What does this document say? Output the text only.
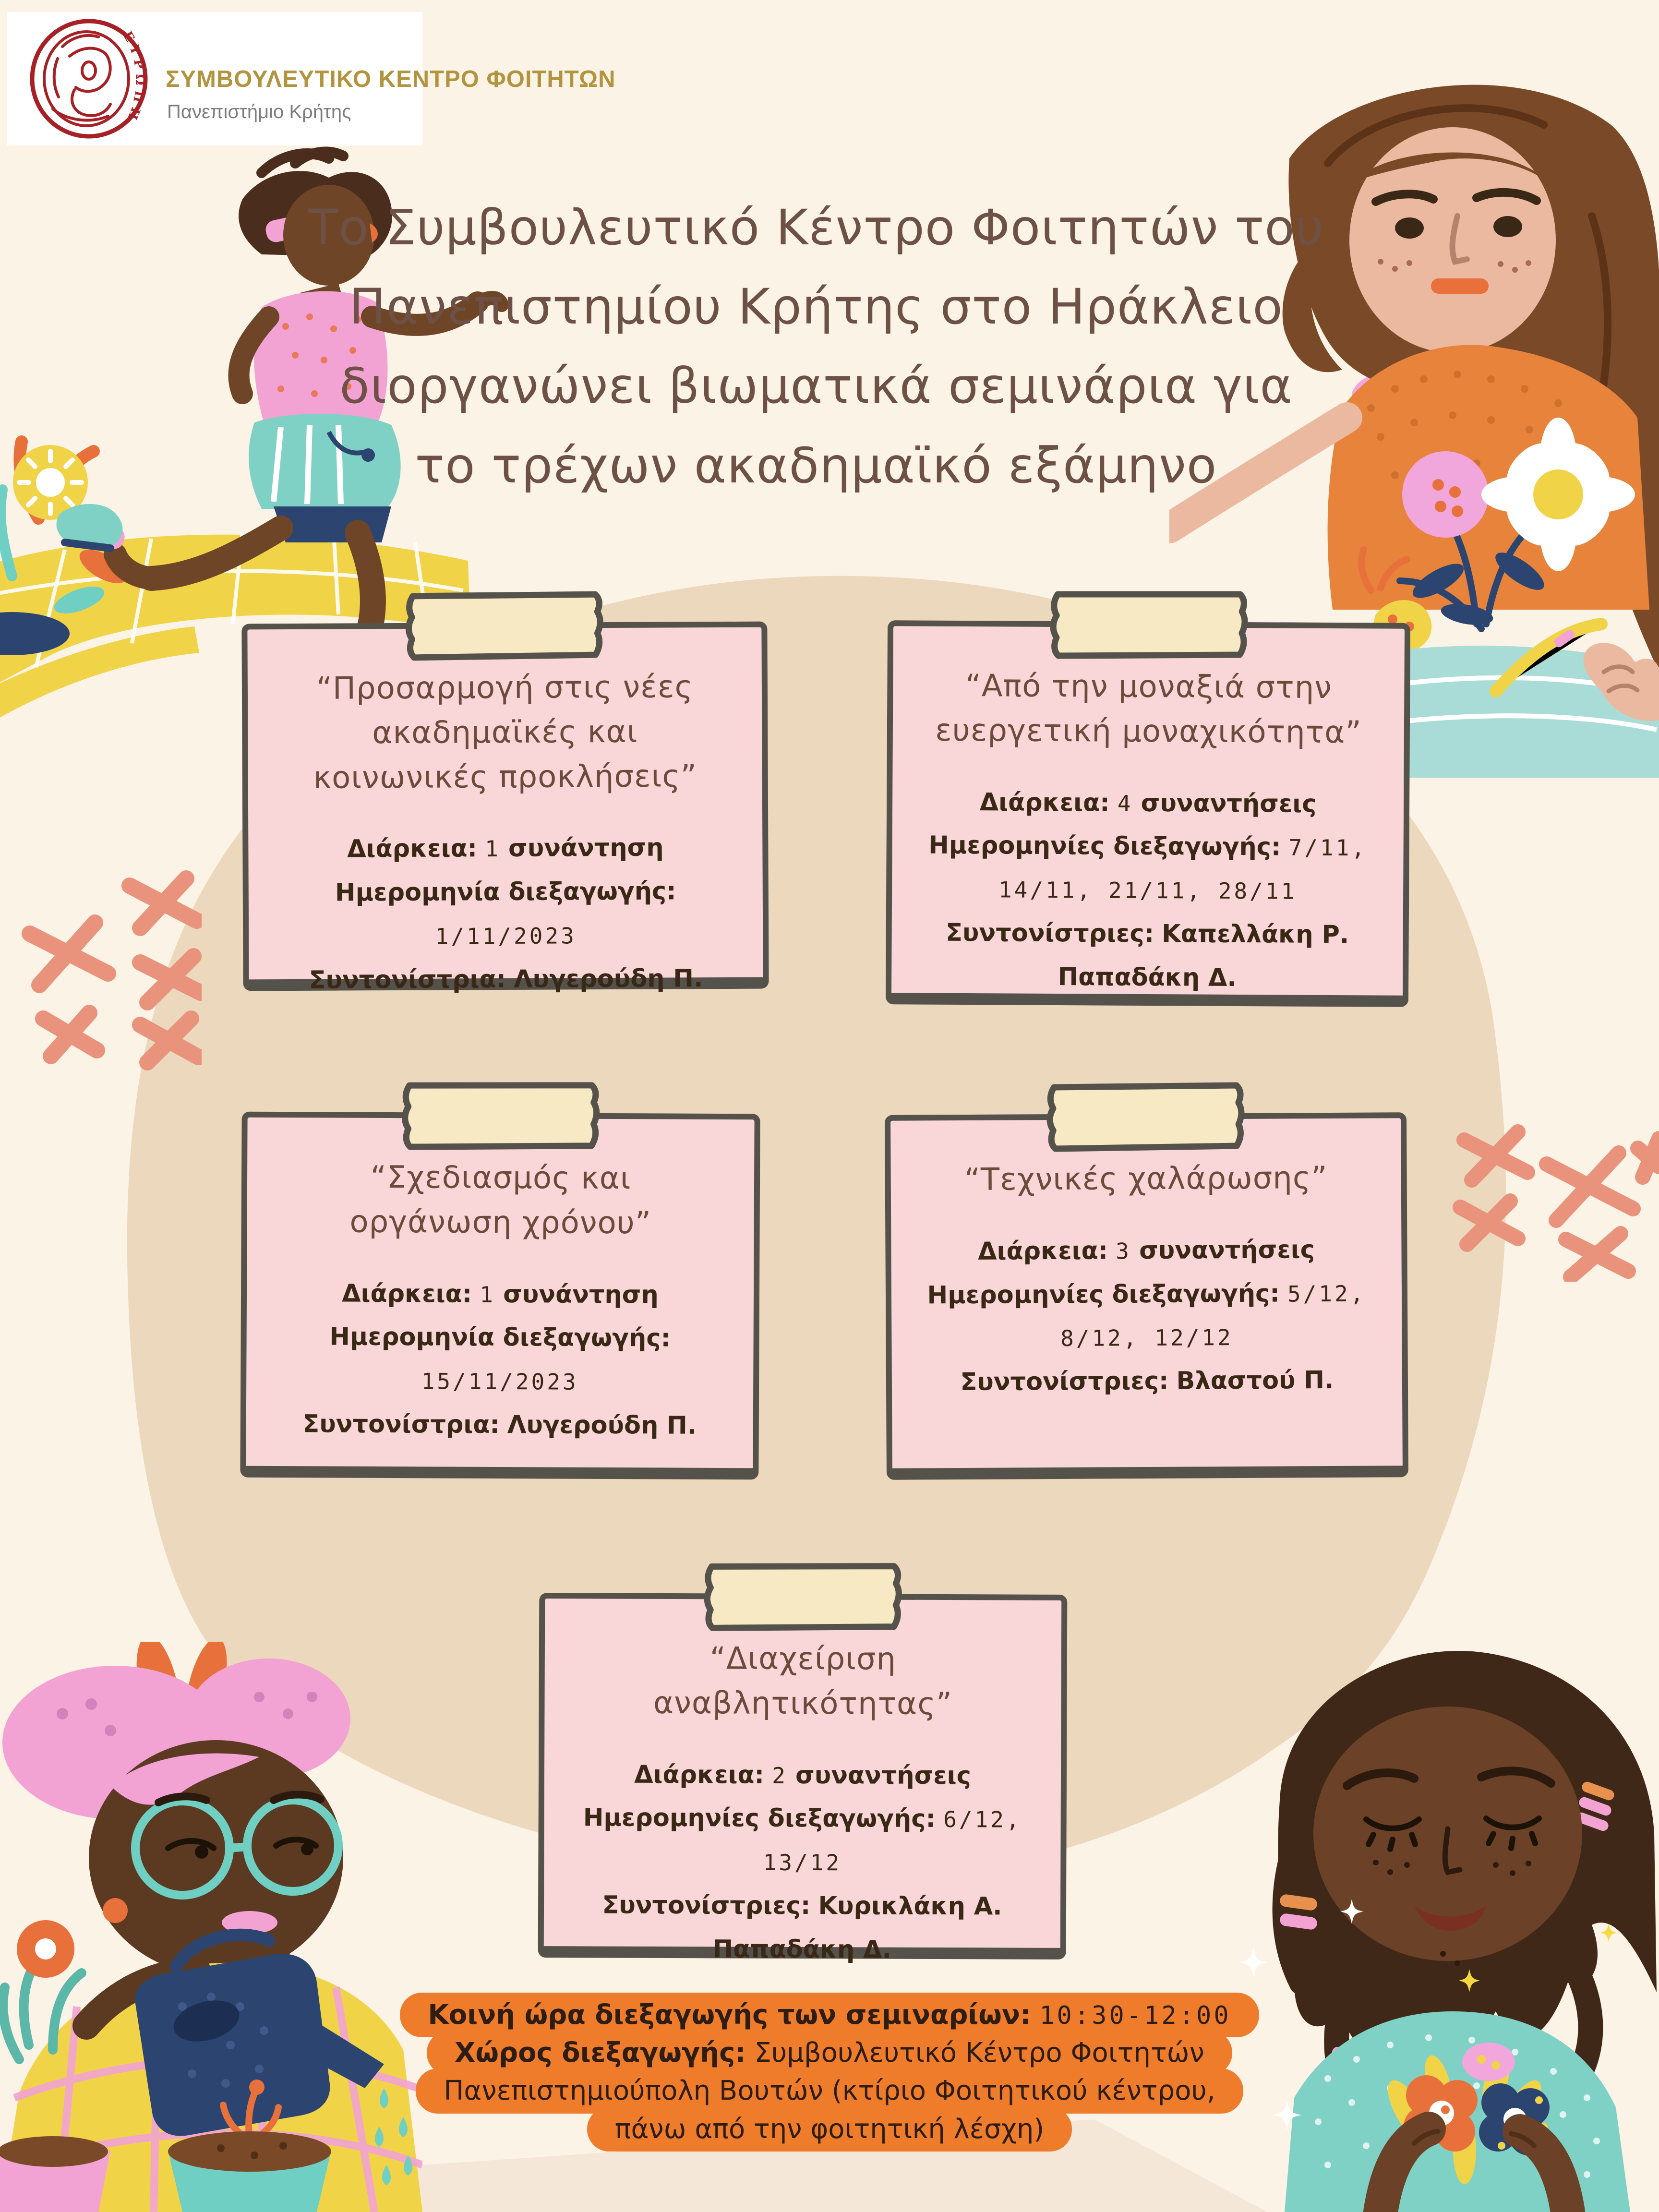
ΕΥΡΩΠΗ
ΣΥΜΒΟΥΛΕΥΤΙΚΟ ΚΕΝΤΡΟ ΦΟΙΤΗΤΩΝ
Πανεπιστήμιο Κρήτης
Το Συμβουλευτικό Κέντρο Φοιτητών του
Πανεπιστημίου Κρήτης στο Ηράκλειο
διοργανώνει βιωματικά σεμινάρια για
το τρέχων ακαδημαϊκό εξάμηνο
“Προσαρμογή στις νέες ακαδημαϊκές και κοινωνικές προκλήσεις”
Διάρκεια: 1 συνάντηση
Ημερομηνία διεξαγωγής: 1/11/2023
Συντονίστρια: Λυγερούδη Π.
“Από την μοναξιά στην ευεργετική μοναχικότητα”
Διάρκεια: 4 συναντήσεις
Ημερομηνίες διεξαγωγής: 7/11, 14/11, 21/11, 28/11
Συντονίστριες: Καπελλάκη Ρ. Παπαδάκη Δ.
“Σχεδιασμός και οργάνωση χρόνου”
Διάρκεια: 1 συνάντηση
Ημερομηνία διεξαγωγής: 15/11/2023
Συντονίστρια: Λυγερούδη Π.
“Τεχνικές χαλάρωσης”
Διάρκεια: 3 συναντήσεις
Ημερομηνίες διεξαγωγής: 5/12, 8/12, 12/12
Συντονίστριες: Βλαστού Π.
“Διαχείριση αναβλητικότητας”
Διάρκεια: 2 συναντήσεις
Ημερομηνίες διεξαγωγής: 6/12, 13/12
Συντονίστριες: Κυρικλάκη Α. Παπαδάκη Δ.
Κοινή ώρα διεξαγωγής των σεμιναρίων: 10:30-12:00
Χώρος διεξαγωγής: Συμβουλευτικό Κέντρο Φοιτητών
Πανεπιστημιούπολη Βουτών (κτίριο Φοιτητικού κέντρου,
πάνω από την φοιτητική λέσχη)
